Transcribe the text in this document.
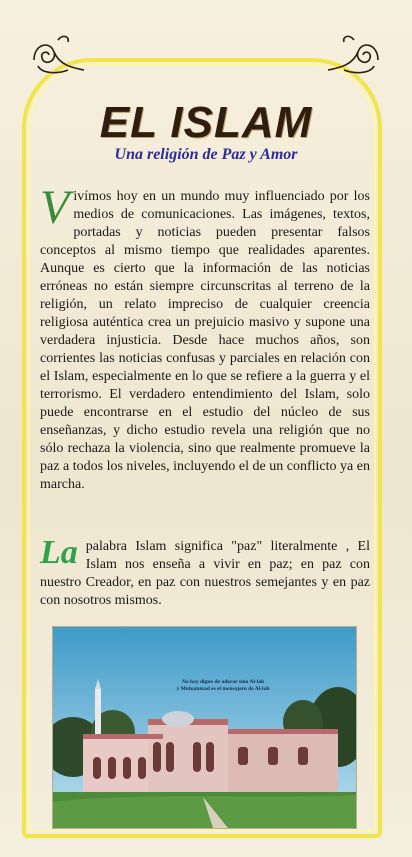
EL ISLAM
Una religión de Paz y Amor
Vivímos hoy en un mundo muy influenciado por los medios de comunicaciones. Las imágenes, textos, portadas y noticias pueden presentar falsos conceptos al mismo tiempo que realidades aparentes. Aunque es cierto que la información de las noticias erróneas no están siempre circunscritas al terreno de la religión, un relato impreciso de cualquier creencia religiosa auténtica crea un prejuicio masivo y supone una verdadera injusticia. Desde hace muchos años, son corrientes las noticias confusas y parciales en relación con el Islam, especialmente en lo que se refiere a la guerra y el terrorismo. El verdadero entendimiento del Islam, solo puede encontrarse en el estudio del núcleo de sus enseñanzas, y dicho estudio revela una religión que no sólo rechaza la violencia, sino que realmente promueve la paz a todos los niveles, incluyendo el de un conflicto ya en marcha.
La palabra Islam significa "paz" literalmente , El Islam nos enseña a vivir en paz; en paz con nuestro Creador, en paz con nuestros semejantes y en paz con nosotros mismos.
No hay digno de adorar sino Al-lah
y Muhammad es el mensajero de Al-lah
